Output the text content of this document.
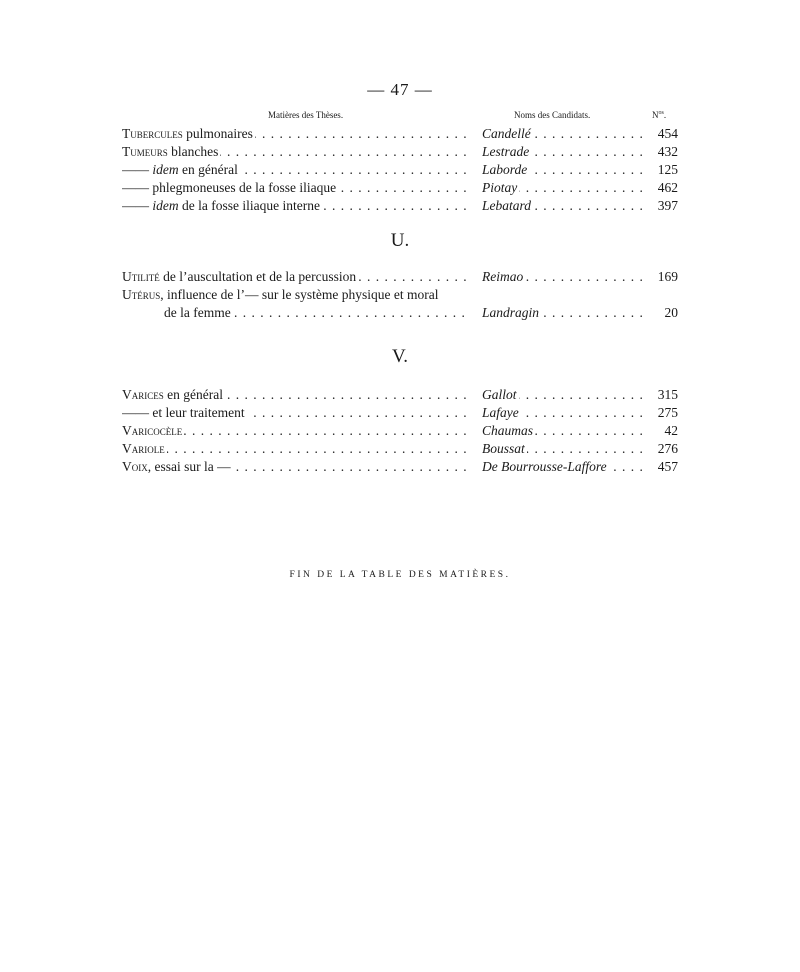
— 47 —
Matières des Thèses.	Noms des Candidats.	$N^{os}$.
Tubercules pulmonaires . . .	Candellé . . .	454
Tumeurs blanches . . .	Lestrade . . .	432
—— idem en général . . .	Laborde . . .	125
—— phlegmoneuses de la fosse iliaque . . .	Piotay . . .	462
—— idem de la fosse iliaque interne . . .	Lebatard . . .	397
U.
Utilité de l’auscultation et de la percussion . . .	Reimao . . .	169
Utérus, influence de l’— sur le système physique et moral
de la femme . . .	Landragin . . .	20
V.
Varices en général . . .	Gallot . . .	315
—— et leur traitement . . .	Lafaye . . .	275
Varicocèle . . .	Chaumas . . .	42
Variole . . .	Boussat . . .	276
Voix, essai sur la — . . .	De Bourrousse-Laffore . . .	457
FIN DE LA TABLE DES MATIÈRES.
